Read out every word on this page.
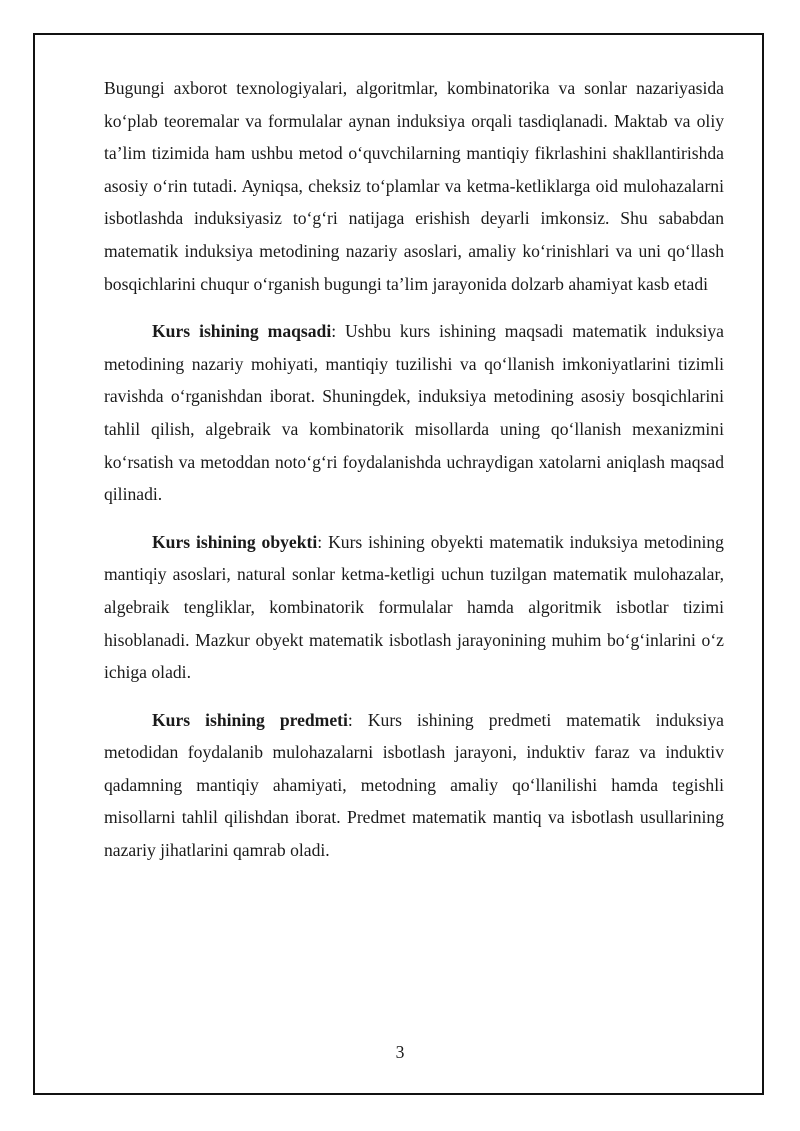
Bugungi axborot texnologiyalari, algoritmlar, kombinatorika va sonlar nazariyasida koʻplab teoremalar va formulalar aynan induksiya orqali tasdiqlanadi. Maktab va oliy taʼlim tizimida ham ushbu metod oʻquvchilarning mantiqiy fikrlashini shakllantirishda asosiy oʻrin tutadi. Ayniqsa, cheksiz toʻplamlar va ketma-ketliklarga oid mulohazalarni isbotlashda induksiyasiz toʻgʻri natijaga erishish deyarli imkonsiz. Shu sababdan matematik induksiya metodining nazariy asoslari, amaliy koʻrinishlari va uni qoʻllash bosqichlarini chuqur oʻrganish bugungi taʼlim jarayonida dolzarb ahamiyat kasb etadi

Kurs ishining maqsadi: Ushbu kurs ishining maqsadi matematik induksiya metodining nazariy mohiyati, mantiqiy tuzilishi va qoʻllanish imkoniyatlarini tizimli ravishda oʻrganishdan iborat. Shuningdek, induksiya metodining asosiy bosqichlarini tahlil qilish, algebraik va kombinatorik misollarda uning qoʻllanish mexanizmini koʻrsatish va metoddan notoʻgʻri foydalanishda uchraydigan xatolarni aniqlash maqsad qilinadi.

Kurs ishining obyekti: Kurs ishining obyekti matematik induksiya metodining mantiqiy asoslari, natural sonlar ketma-ketligi uchun tuzilgan matematik mulohazalar, algebraik tengliklar, kombinatorik formulalar hamda algoritmik isbotlar tizimi hisoblanadi. Mazkur obyekt matematik isbotlash jarayonining muhim boʻgʻinlarini oʻz ichiga oladi.

Kurs ishining predmeti: Kurs ishining predmeti matematik induksiya metodidan foydalanib mulohazalarni isbotlash jarayoni, induktiv faraz va induktiv qadamning mantiqiy ahamiyati, metodning amaliy qoʻllanilishi hamda tegishli misollarni tahlil qilishdan iborat. Predmet matematik mantiq va isbotlash usullarining nazariy jihatlarini qamrab oladi.

3
